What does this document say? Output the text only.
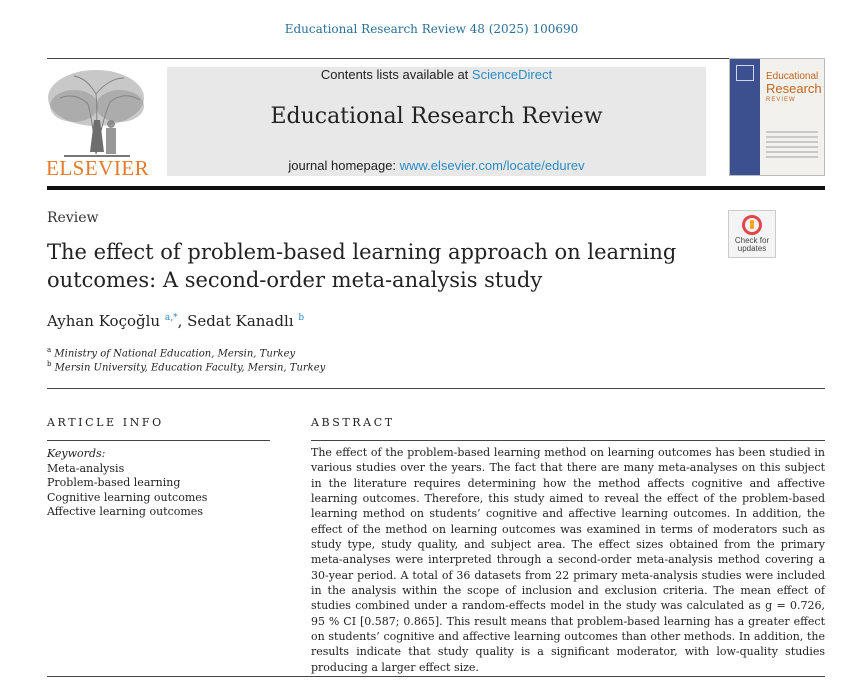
Educational Research Review 48 (2025) 100690
ELSEVIER
Contents lists available at ScienceDirect
Educational Research Review
journal homepage: www.elsevier.com/locate/edurev
Educational
Research
REVIEW
Review
The effect of problem-based learning approach on learning outcomes: A second-order meta-analysis study
Check for
updates
Ayhan Koçoğlu $^{a,*}$, Sedat Kanadlı $^b$
$^a$ Ministry of National Education, Mersin, Turkey
$^b$ Mersin University, Education Faculty, Mersin, Turkey
ARTICLE INFO
Keywords:
Meta-analysis
Problem-based learning
Cognitive learning outcomes
Affective learning outcomes
ABSTRACT
The effect of the problem-based learning method on learning outcomes has been studied in various studies over the years. The fact that there are many meta-analyses on this subject in the literature requires determining how the method affects cognitive and affective learning outcomes. Therefore, this study aimed to reveal the effect of the problem-based learning method on students’ cognitive and affective learning outcomes. In addition, the effect of the method on learning outcomes was examined in terms of moderators such as study type, study quality, and subject area. The effect sizes obtained from the primary meta-analyses were interpreted through a second-order meta-analysis method covering a 30-year period. A total of 36 datasets from 22 primary meta-analysis studies were included in the analysis within the scope of inclusion and exclusion criteria. The mean effect of studies combined under a random-effects model in the study was calculated as g = 0.726, 95 % CI [0.587; 0.865]. This result means that problem-based learning has a greater effect on students’ cognitive and affective learning outcomes than other methods. In addition, the results indicate that study quality is a significant moderator, with low-quality studies producing a larger effect size.
